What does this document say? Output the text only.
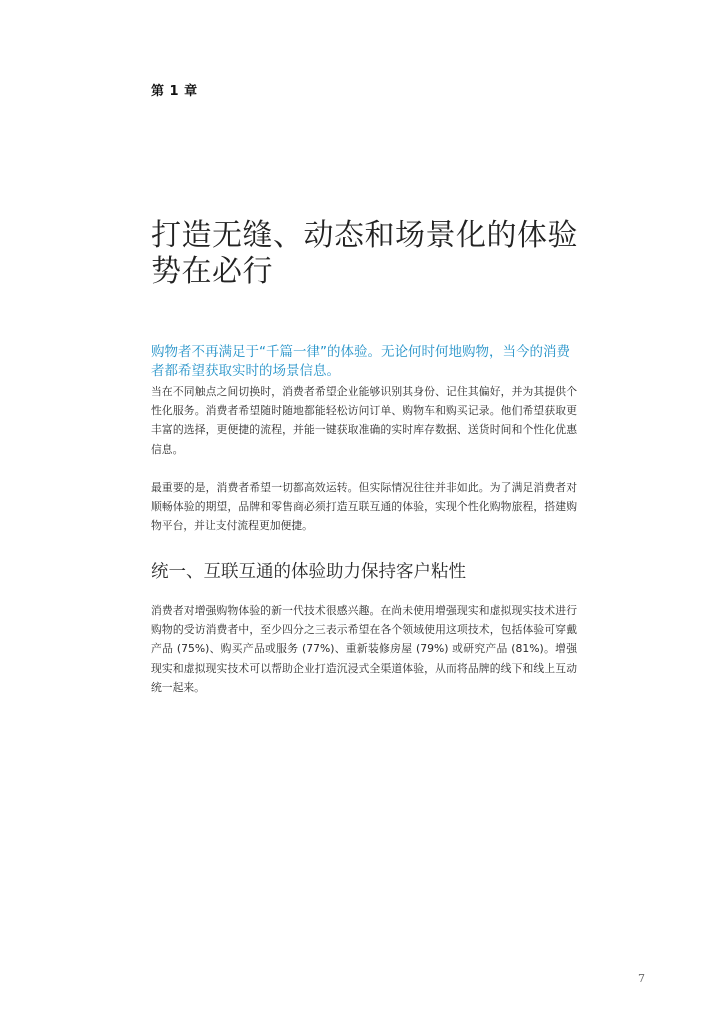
第 1 章
打造无缝、动态和场景化的体验
势在必行

购物者不再满足于“千篇一律”的体验。无论何时何地购物，当今的消费者都希望获取实时的场景信息。

当在不同触点之间切换时，消费者希望企业能够识别其身份、记住其偏好，并为其提供个性化服务。消费者希望随时随地都能轻松访问订单、购物车和购买记录。他们希望获取更丰富的选择，更便捷的流程，并能一键获取准确的实时库存数据、送货时间和个性化优惠信息。

最重要的是，消费者希望一切都高效运转。但实际情况往往并非如此。为了满足消费者对顺畅体验的期望，品牌和零售商必须打造互联互通的体验，实现个性化购物旅程，搭建购物平台，并让支付流程更加便捷。

统一、互联互通的体验助力保持客户粘性

消费者对增强购物体验的新一代技术很感兴趣。在尚未使用增强现实和虚拟现实技术进行购物的受访消费者中，至少四分之三表示希望在各个领域使用这项技术，包括体验可穿戴产品 (75%)、购买产品或服务 (77%)、重新装修房屋 (79%) 或研究产品 (81%)。增强现实和虚拟现实技术可以帮助企业打造沉浸式全渠道体验，从而将品牌的线下和线上互动统一起来。

7
